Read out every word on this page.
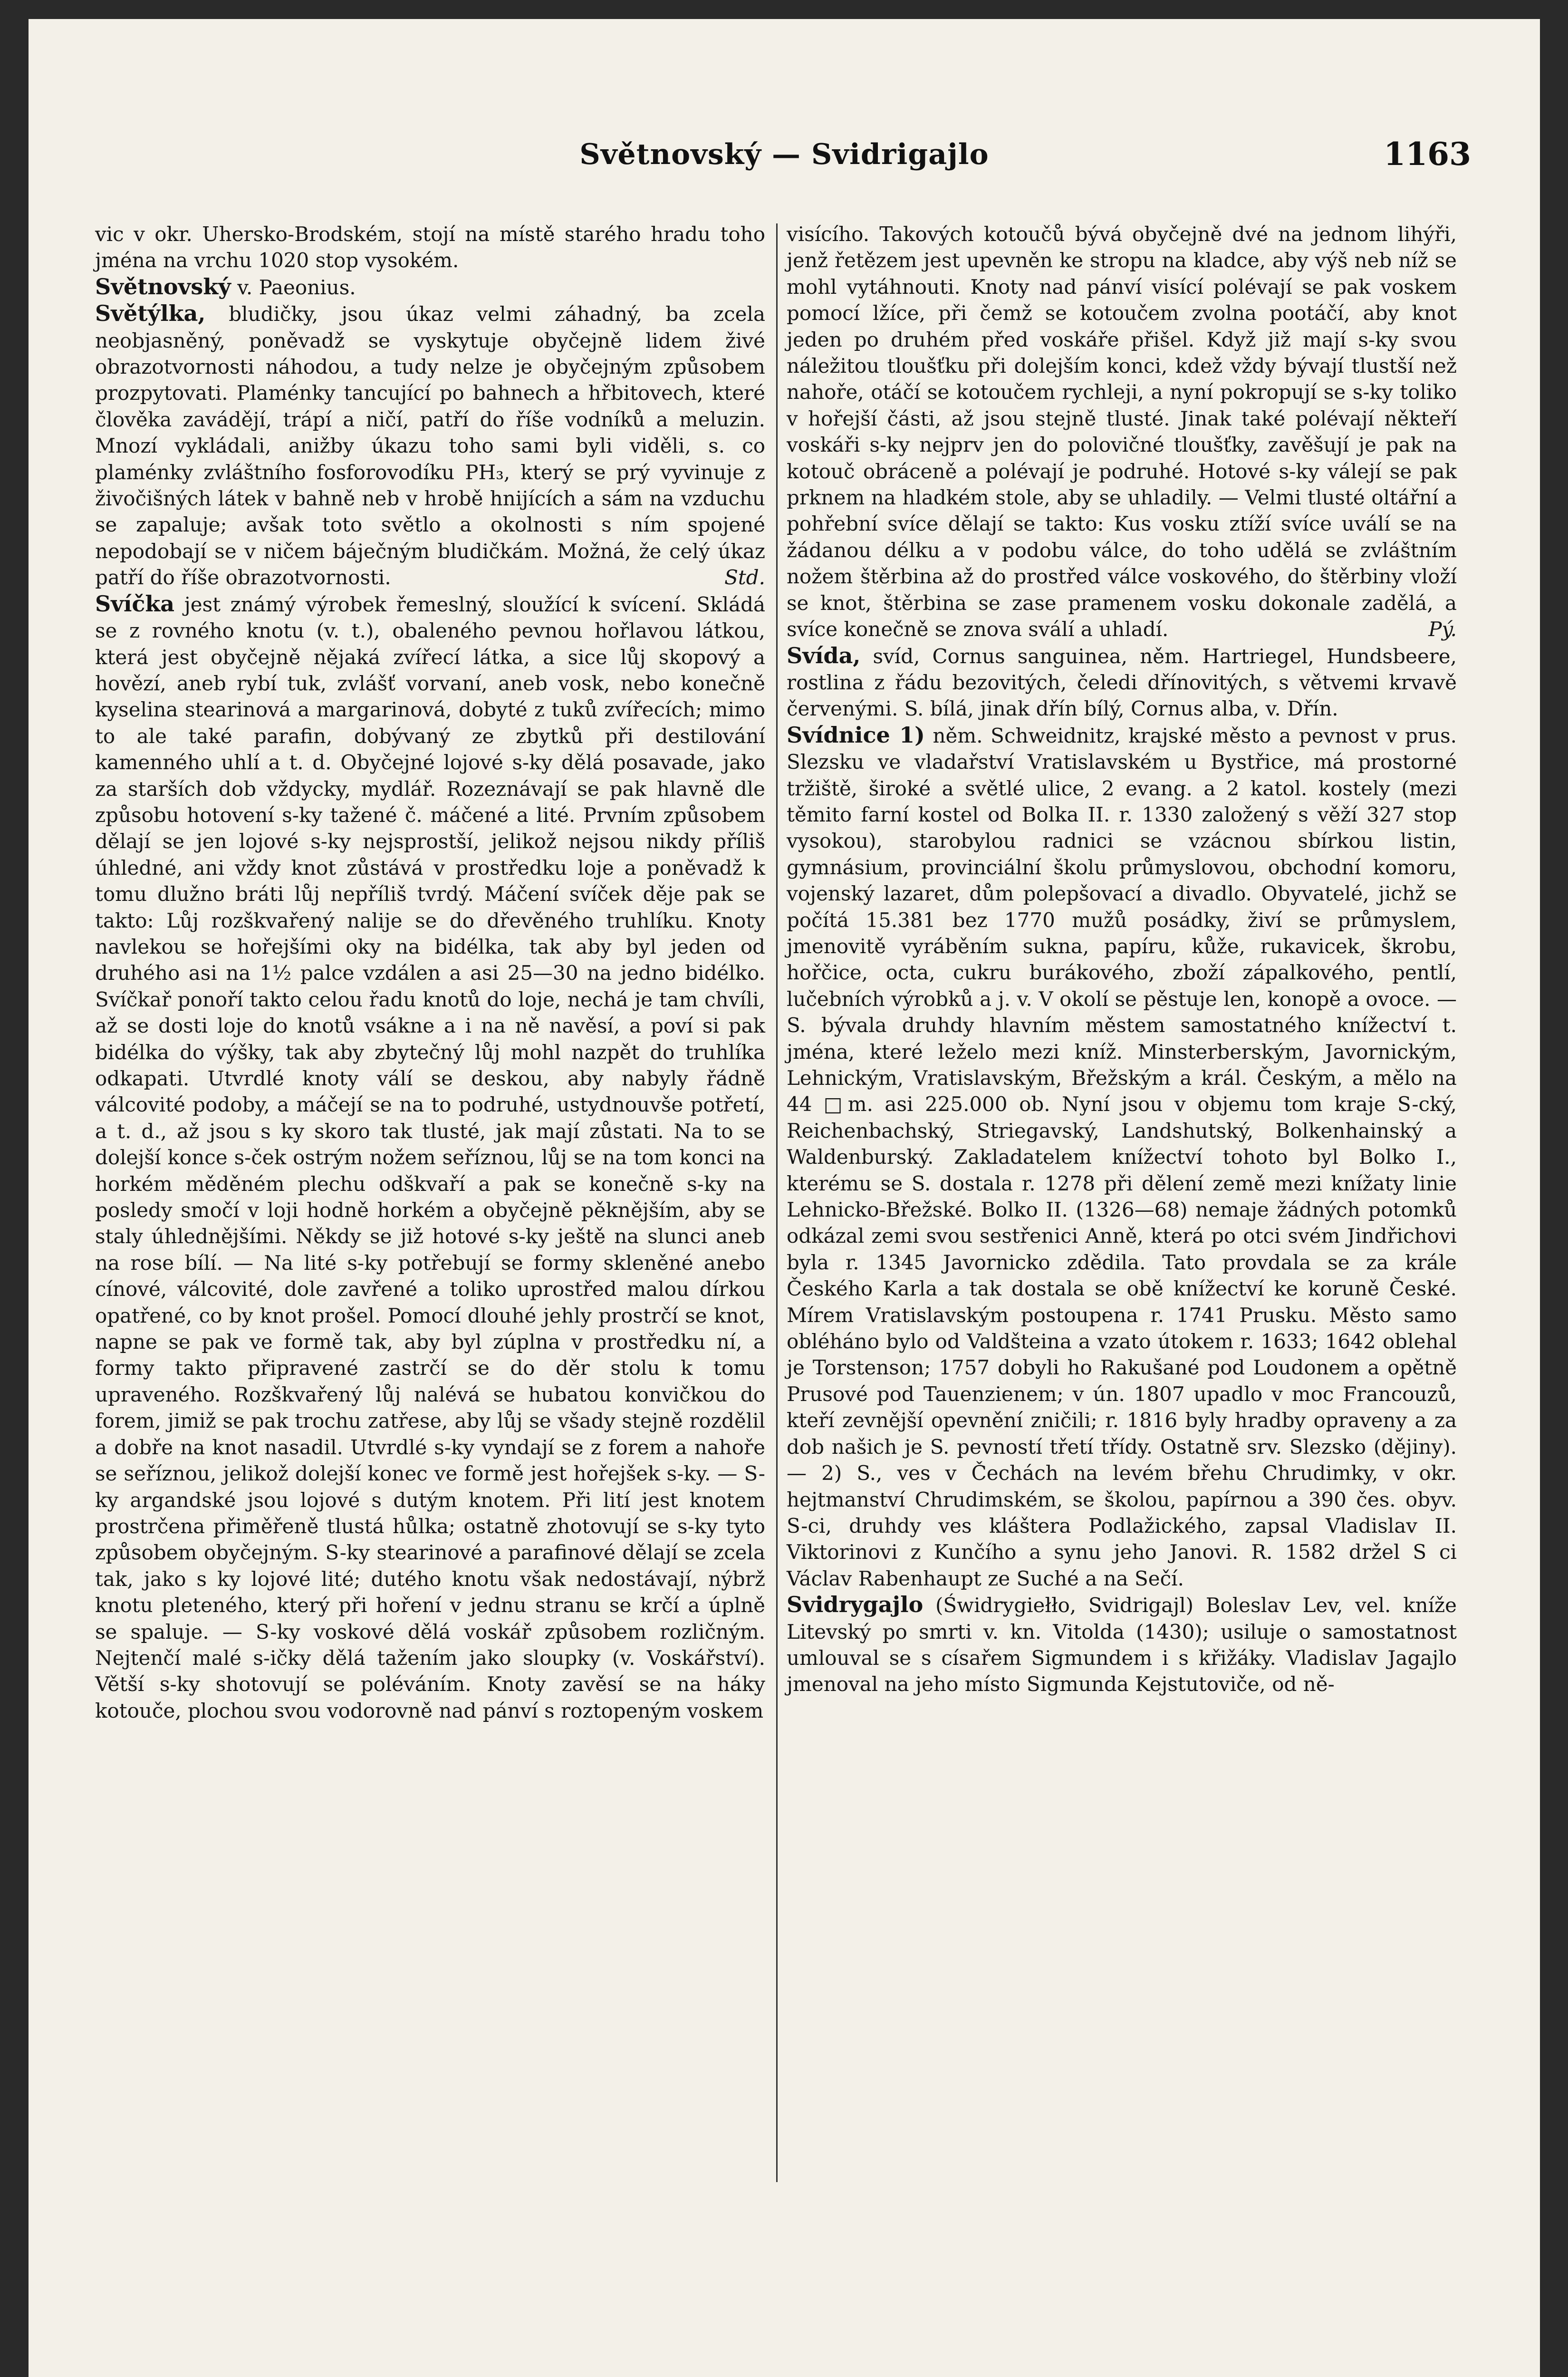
Světnovský — Svidrigajlo	1163

vic v okr. Uhersko-Brodském, stojí na místě starého hradu toho jména na vrchu 1020 stop vysokém.

Světnovský v. Paeonius.

Světýlka, bludičky, jsou úkaz velmi záhadný, ba zcela neobjasněný, poněvadž se vyskytuje obyčejně lidem živé obrazotvornosti náhodou, a tudy nelze je obyčejným způsobem prozpytovati. Plaménky tancující po bahnech a hřbitovech, které člověka zavádějí, trápí a ničí, patří do říše vodníků a meluzin. Mnozí vykládali, anižby úkazu toho sami byli viděli, s. co plaménky zvláštního fosforovodíku PH₃, který se prý vyvinuje z živočišných látek v bahně neb v hrobě hnijících a sám na vzduchu se zapaluje; avšak toto světlo a okolnosti s ním spojené nepodobají se v ničem báječným bludičkám. Možná, že celý úkaz patří do říše obrazotvornosti.	Std.

Svíčka jest známý výrobek řemeslný, sloužící k svícení. Skládá se z rovného knotu (v. t.), obaleného pevnou hořlavou látkou, která jest obyčejně nějaká zvířecí látka, a sice lůj skopový a hovězí, aneb rybí tuk, zvlášť vorvaní, aneb vosk, nebo konečně kyselina stearinová a margarinová, dobyté z tuků zvířecích; mimo to ale také parafin, dobývaný ze zbytků při destilování kamenného uhlí a t. d. Obyčejné lojové s-ky dělá posavade, jako za starších dob vždycky, mydlář. Rozeznávají se pak hlavně dle způsobu hotovení s-ky tažené č. máčené a lité. Prvním způsobem dělají se jen lojové s-ky nejsprostší, jelikož nejsou nikdy příliš úhledné, ani vždy knot zůstává v prostředku loje a poněvadž k tomu dlužno bráti lůj nepříliš tvrdý. Máčení svíček děje pak se takto: Lůj rozškvařený nalije se do dřevěného truhlíku. Knoty navlekou se hořejšími oky na bidélka, tak aby byl jeden od druhého asi na 1½ palce vzdálen a asi 25—30 na jedno bidélko. Svíčkař ponoří takto celou řadu knotů do loje, nechá je tam chvíli, až se dosti loje do knotů vsákne a i na ně navěsí, a poví si pak bidélka do výšky, tak aby zbytečný lůj mohl nazpět do truhlíka odkapati. Utvrdlé knoty válí se deskou, aby nabyly řádně válcovité podoby, a máčejí se na to podruhé, ustydnouvše potřetí, a t. d., až jsou s ky skoro tak tlusté, jak mají zůstati. Na to se dolejší konce s-ček ostrým nožem seříznou, lůj se na tom konci na horkém měděném plechu odškvaří a pak se konečně s-ky na posledy smočí v loji hodně horkém a obyčejně pěknějším, aby se staly úhlednějšími. Někdy se již hotové s-ky ještě na slunci aneb na rose bílí. — Na lité s-ky potřebují se formy skleněné anebo cínové, válcovité, dole zavřené a toliko uprostřed malou dírkou opatřené, co by knot prošel. Pomocí dlouhé jehly prostrčí se knot, napne se pak ve formě tak, aby byl zúplna v prostředku ní, a formy takto připravené zastrčí se do děr stolu k tomu upraveného. Rozškvařený lůj nalévá se hubatou konvičkou do forem, jimiž se pak trochu zatřese, aby lůj se všady stejně rozdělil a dobře na knot nasadil. Utvrdlé s-ky vyndají se z forem a nahoře se seříznou, jelikož dolejší konec ve formě jest hořejšek s-ky. — S-ky argandské jsou lojové s dutým knotem. Při lití jest knotem prostrčena přiměřeně tlustá hůlka; ostatně zhotovují se s-ky tyto způsobem obyčejným. S-ky stearinové a parafinové dělají se zcela tak, jako s ky lojové lité; dutého knotu však nedostávají, nýbrž knotu pleteného, který při hoření v jednu stranu se krčí a úplně se spaluje. — S-ky voskové dělá voskář způsobem rozličným. Nejtenčí malé s-ičky dělá tažením jako sloupky (v. Voskářství). Větší s-ky shotovují se poléváním. Knoty zavěsí se na háky kotouče, plochou svou vodorovně nad pánví s roztopeným voskem

visícího. Takových kotoučů bývá obyčejně dvé na jednom lihýři, jenž řetězem jest upevněn ke stropu na kladce, aby výš neb níž se mohl vytáhnouti. Knoty nad pánví visící polévají se pak voskem pomocí lžíce, při čemž se kotoučem zvolna pootáčí, aby knot jeden po druhém před voskáře přišel. Když již mají s-ky svou náležitou tloušťku při dolejším konci, kdež vždy bývají tlustší než nahoře, otáčí se kotoučem rychleji, a nyní pokropují se s-ky toliko v hořejší části, až jsou stejně tlusté. Jinak také polévají někteří voskáři s-ky nejprv jen do polovičné tloušťky, zavěšují je pak na kotouč obráceně a polévají je podruhé. Hotové s-ky válejí se pak prknem na hladkém stole, aby se uhladily. — Velmi tlusté oltářní a pohřební svíce dělají se takto: Kus vosku ztíží svíce uválí se na žádanou délku a v podobu válce, do toho udělá se zvláštním nožem štěrbina až do prostřed válce voskového, do štěrbiny vloží se knot, štěrbina se zase pramenem vosku dokonale zadělá, a svíce konečně se znova sválí a uhladí.	Pý.

Svída, svíd, Cornus sanguinea, něm. Hartriegel, Hundsbeere, rostlina z řádu bezovitých, čeledi dřínovitých, s větvemi krvavě červenými. S. bílá, jinak dřín bílý, Cornus alba, v. Dřín.

Svídnice 1) něm. Schweidnitz, krajské město a pevnost v prus. Slezsku ve vladařství Vratislavském u Bystřice, má prostorné tržiště, široké a světlé ulice, 2 evang. a 2 katol. kostely (mezi těmito farní kostel od Bolka II. r. 1330 založený s věží 327 stop vysokou), starobylou radnici se vzácnou sbírkou listin, gymnásium, provinciální školu průmyslovou, obchodní komoru, vojenský lazaret, dům polepšovací a divadlo. Obyvatelé, jichž se počítá 15.381 bez 1770 mužů posádky, živí se průmyslem, jmenovitě vyráběním sukna, papíru, kůže, rukavicek, škrobu, hořčice, octa, cukru burákového, zboží zápalkového, pentlí, lučebních výrobků a j. v. V okolí se pěstuje len, konopě a ovoce. — S. bývala druhdy hlavním městem samostatného knížectví t. jména, které leželo mezi kníž. Minsterberským, Javornickým, Lehnickým, Vratislavským, Břežským a král. Českým, a mělo na 44 □m. asi 225.000 ob. Nyní jsou v objemu tom kraje S-cký, Reichenbachský, Striegavský, Landshutský, Bolkenhainský a Waldenburský. Zakladatelem knížectví tohoto byl Bolko I., kterému se S. dostala r. 1278 při dělení země mezi knížaty linie Lehnicko-Břežské. Bolko II. (1326—68) nemaje žádných potomků odkázal zemi svou sestřenici Anně, která po otci svém Jindřichovi byla r. 1345 Javornicko zdědila. Tato provdala se za krále Českého Karla a tak dostala se obě knížectví ke koruně České. Mírem Vratislavským postoupena r. 1741 Prusku. Město samo obléháno bylo od Valdšteina a vzato útokem r. 1633; 1642 oblehal je Torstenson; 1757 dobyli ho Rakušané pod Loudonem a opětně Prusové pod Tauenzienem; v ún. 1807 upadlo v moc Francouzů, kteří zevnější opevnění zničili; r. 1816 byly hradby opraveny a za dob našich je S. pevností třetí třídy. Ostatně srv. Slezsko (dějiny). — 2) S., ves v Čechách na levém břehu Chrudimky, v okr. hejtmanství Chrudimském, se školou, papírnou a 390 čes. obyv. S-ci, druhdy ves kláštera Podlažického, zapsal Vladislav II. Viktorinovi z Kunčího a synu jeho Janovi. R. 1582 držel S ci Václav Rabenhaupt ze Suché a na Sečí.

Svidrygajlo (Świdrygiełło, Svidrigajl) Boleslav Lev, vel. kníže Litevský po smrti v. kn. Vitolda (1430); usiluje o samostatnost umlouval se s císařem Sigmundem i s křižáky. Vladislav Jagajlo jmenoval na jeho místo Sigmunda Kejstutoviče, od ně-
